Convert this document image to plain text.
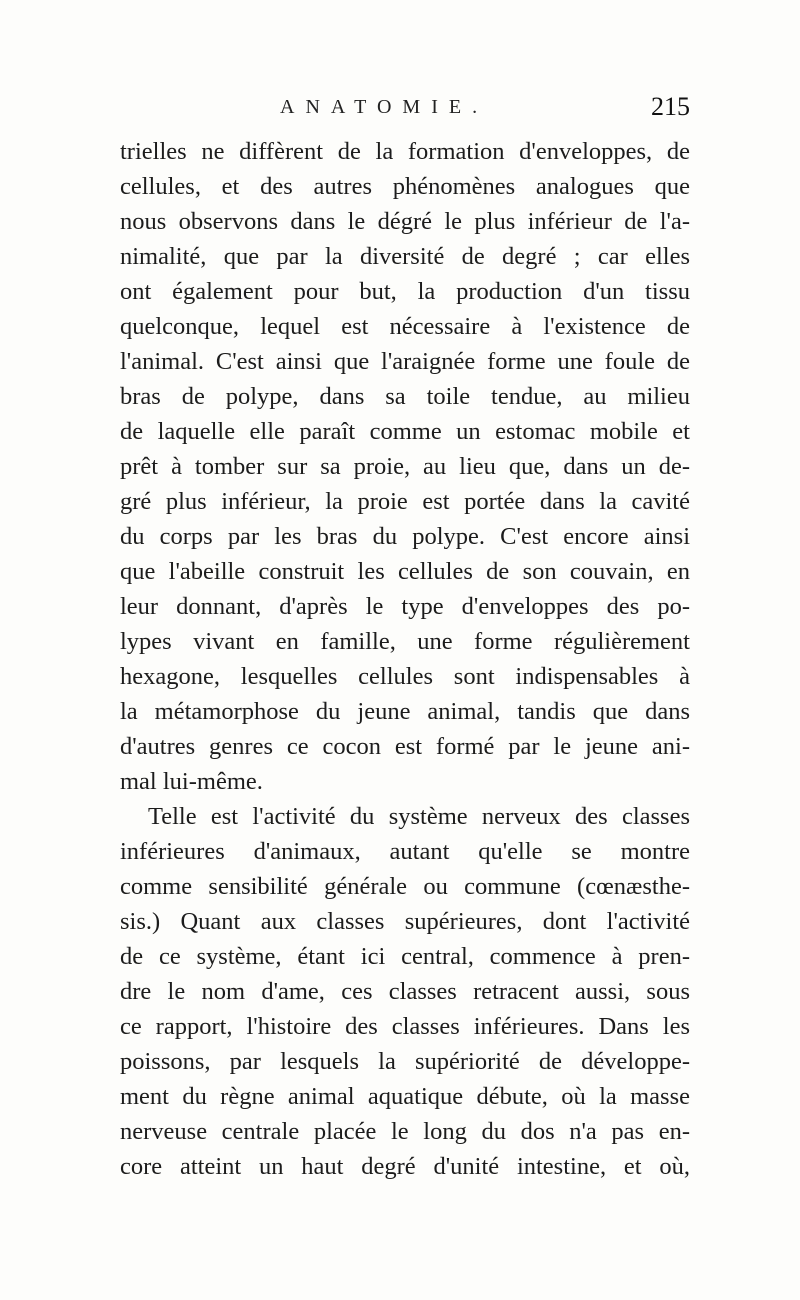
ANATOMIE.	215
trielles ne diffèrent de la formation d'enveloppes, de
cellules, et des autres phénomènes analogues que
nous observons dans le dégré le plus inférieur de l'a-
nimalité, que par la diversité de degré ; car elles
ont également pour but, la production d'un tissu
quelconque, lequel est nécessaire à l'existence de
l'animal. C'est ainsi que l'araignée forme une foule de
bras de polype, dans sa toile tendue, au milieu
de laquelle elle paraît comme un estomac mobile et
prêt à tomber sur sa proie, au lieu que, dans un de-
gré plus inférieur, la proie est portée dans la cavité
du corps par les bras du polype. C'est encore ainsi
que l'abeille construit les cellules de son couvain, en
leur donnant, d'après le type d'enveloppes des po-
lypes vivant en famille, une forme régulièrement
hexagone, lesquelles cellules sont indispensables à
la métamorphose du jeune animal, tandis que dans
d'autres genres ce cocon est formé par le jeune ani-
mal lui-même.
Telle est l'activité du système nerveux des classes
inférieures d'animaux, autant qu'elle se montre
comme sensibilité générale ou commune (cœnæsthe-
sis.) Quant aux classes supérieures, dont l'activité
de ce système, étant ici central, commence à pren-
dre le nom d'ame, ces classes retracent aussi, sous
ce rapport, l'histoire des classes inférieures. Dans les
poissons, par lesquels la supériorité de développe-
ment du règne animal aquatique débute, où la masse
nerveuse centrale placée le long du dos n'a pas en-
core atteint un haut degré d'unité intestine, et où,
